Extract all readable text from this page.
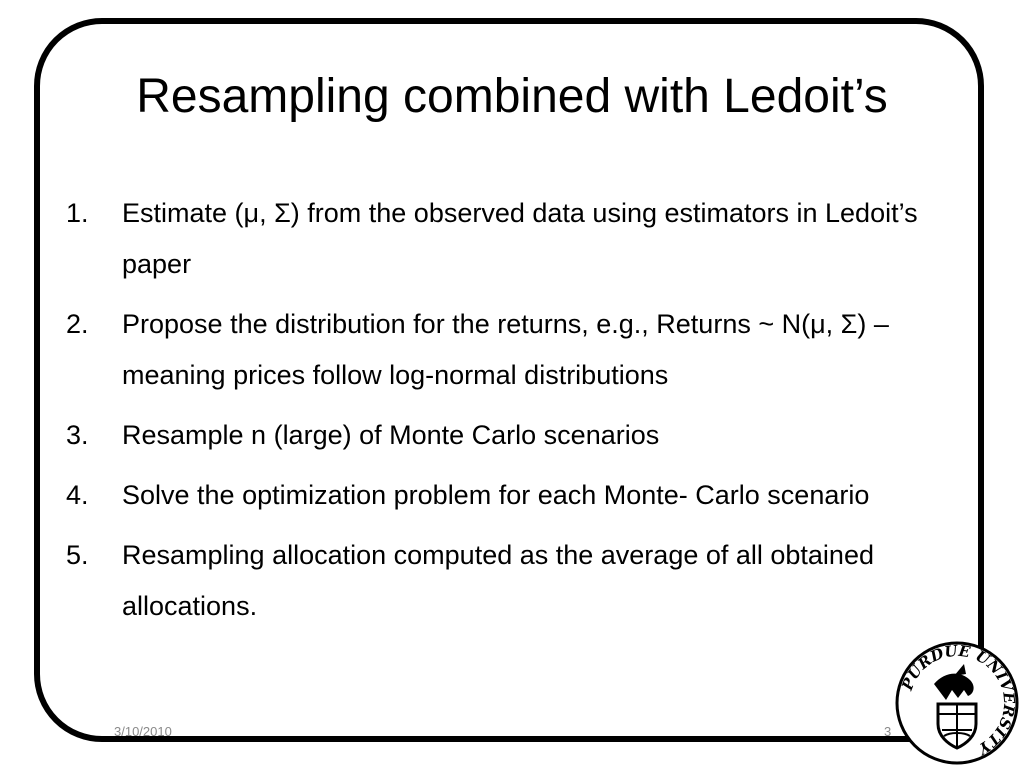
Resampling combined with Ledoit’s
1.	Estimate (μ, Σ) from the observed data using estimators in Ledoit’s paper
2.	Propose the distribution for the returns, e.g., Returns ~ N(μ, Σ) – meaning prices follow log-normal distributions
3.	Resample n (large) of Monte Carlo scenarios
4.	Solve the optimization problem for each Monte- Carlo scenario
5.	Resampling allocation computed as the average of all obtained allocations.
3/10/2010	3
PURDUE UNIVERSITY
